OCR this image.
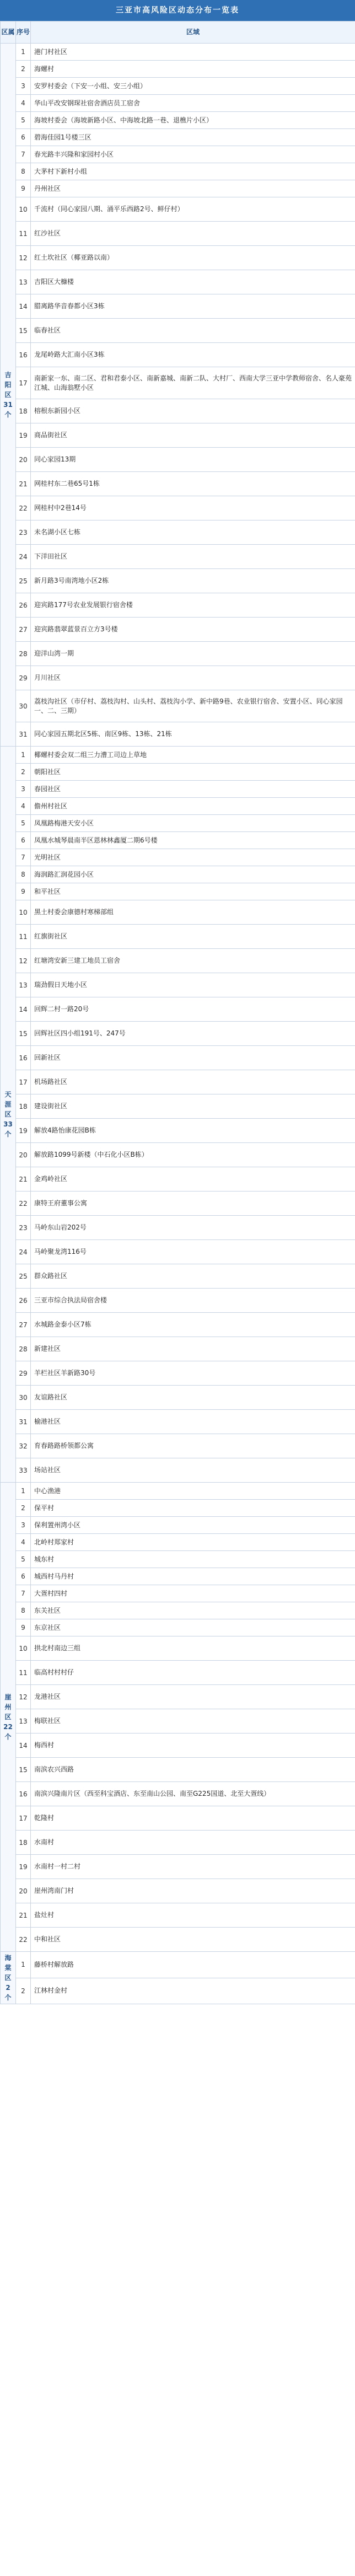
三亚市高风险区动态分布一览表
区属	序号	区域
吉阳区31个	1	港门村社区
	2	海螺村
	3	安罗村委会（下安一小组、安三小组）
	4	华山平改安钢琛社宿舍酒店员工宿舍
	5	海坡村委会（海坡新路小区、中海坡北路一巷、退樵片小区）
	6	碧海佳园1号楼三区
	7	春光路丰兴隆和家园村小区
	8	大茅村下新村小组
	9	丹州社区
	10	千流村（同心家园八期、涌平乐西路2号、鲜仔村）
	11	红沙社区
	12	红土坎社区（椰亚路以南）
	13	吉阳区大槺楼
	14	腊离路华音春都小区3栋
	15	临春社区
	16	龙尾岭路大汇南小区3栋
	17	南新家一东、南二区、君和君泰小区、南新嘉城、南新二队、大村厂、西南大学三亚中学教师宿舍、名人豪苑江城、山海翁墅小区
	18	榕根东新园小区
	19	商品街社区
	20	同心家园13期
	21	网桂村东二巷65号1栋
	22	网桂村中2巷14号
	23	未名湖小区七栋
	24	下洋田社区
	25	新月路3号南湾地小区2栋
	26	迎宾路177号农业发展银行宿舍楼
	27	迎宾路翡翠蓝景百立方3号楼
	28	迎洋山湾一期
	29	月川社区
	30	荔枝沟社区（市仔村、荔枝沟村、山头村、荔枝沟小学、新中路9巷、农业银行宿舍、安置小区、同心家园一、二、三期）
	31	同心家园五期北区5栋、南区9栋、13栋、21栋
天涯区33个	1	椰螺村委会双二组三力漕工司边上草地
	2	朝阳社区
	3	春园社区
	4	儋州村社区
	5	凤凰路梅港天安小区
	6	凤凰水城琴晨南半区恩林林鑫厦二期6号楼
	7	光明社区
	8	海润路汇润花园小区
	9	和平社区
	10	黑土村委会康德村寒梯部组
	11	红旗街社区
	12	红塘湾安新三建工地员工宿舍
	13	瑞劲假日天地小区
	14	回辉二村一路20号
	15	回辉社区四小组191号、247号
	16	回新社区
	17	机场路社区
	18	建设街社区
	19	解放4路怡康花园B栋
	20	解放路1099号新楼（中石化小区B栋）
	21	金鸡岭社区
	22	康特王府董事公寓
	23	马岭东山岩202号
	24	马岭聚龙湾116号
	25	群众路社区
	26	三亚市综合执法局宿舍楼
	27	水城路金泰小区7栋
	28	新建社区
	29	羊栏社区羊新路30号
	30	友谊路社区
	31	榆港社区
	32	育春路路桥领都公寓
	33	场站社区
崖州区22个	1	中心渔港
	2	保平村
	3	保利置州湾小区
	4	北岭村郑家村
	5	城东村
	6	城西村马丹村
	7	大疍村四村
	8	东关社区
	9	东京社区
	10	拱北村南边三组
	11	临高村村村仔
	12	龙港社区
	13	梅联社区
	14	梅西村
	15	南滨农兴西路
	16	南滨兴隆南片区（西至科宝酒店、东至南山公园、南至G225国道、北至大疍线）
	17	乾隆村
	18	水南村
	19	水南村一村二村
	20	崖州湾南门村
	21	盐灶村
	22	中和社区
海棠区2个	1	藤桥村解放路
	2	江林村金村
